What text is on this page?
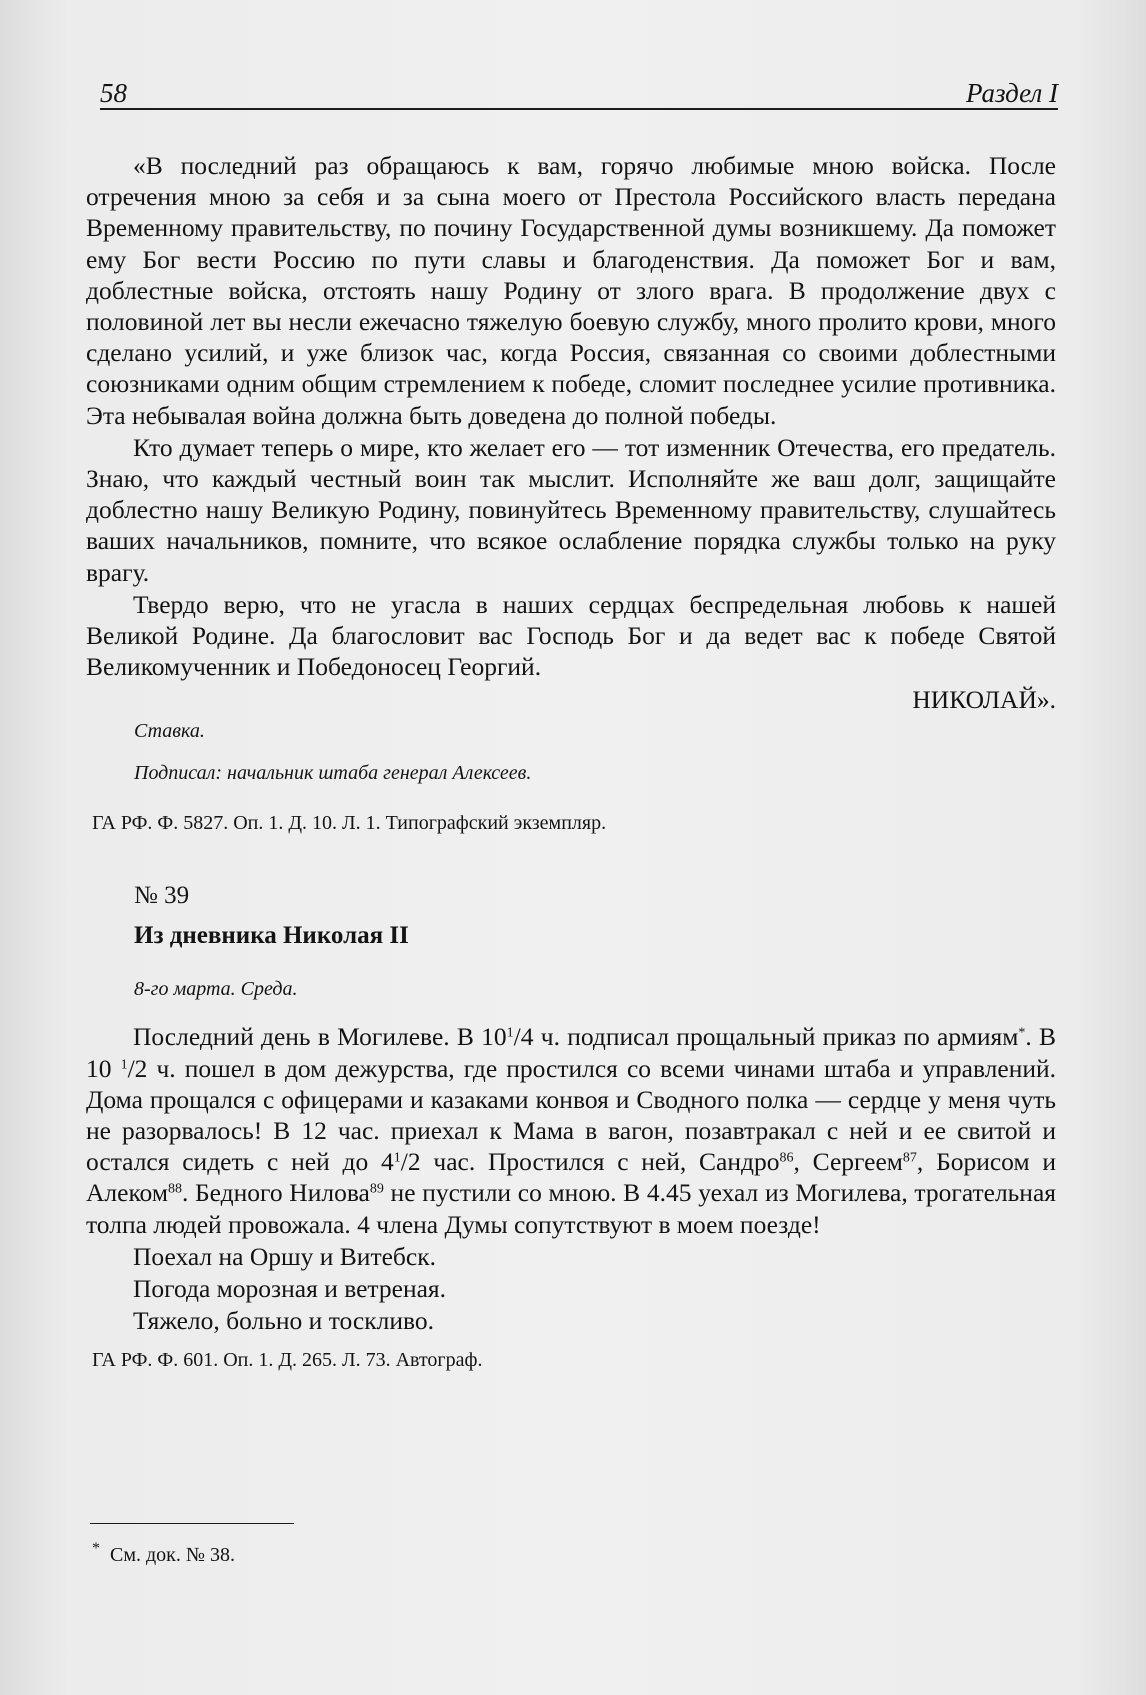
58	Раздел I

«В последний раз обращаюсь к вам, горячо любимые мною войска. После отречения мною за себя и за сына моего от Престола Российского власть передана Временному правительству, по почину Государственной думы возникшему. Да поможет ему Бог вести Россию по пути славы и благоденствия. Да поможет Бог и вам, доблестные войска, отстоять нашу Родину от злого врага. В продолжение двух с половиной лет вы несли ежечасно тяжелую боевую службу, много пролито крови, много сделано усилий, и уже близок час, когда Россия, связанная со своими доблестными союзниками одним общим стремлением к победе, сломит последнее усилие противника. Эта небывалая война должна быть доведена до полной победы.

Кто думает теперь о мире, кто желает его — тот изменник Отечества, его предатель. Знаю, что каждый честный воин так мыслит. Исполняйте же ваш долг, защищайте доблестно нашу Великую Родину, повинуйтесь Временному правительству, слушайтесь ваших начальников, помните, что всякое ослабление порядка службы только на руку врагу.

Твердо верю, что не угасла в наших сердцах беспредельная любовь к нашей Великой Родине. Да благословит вас Господь Бог и да ведет вас к победе Святой Великомученник и Победоносец Георгий.

НИКОЛАЙ».

Ставка.

Подписал: начальник штаба генерал Алексеев.

ГА РФ. Ф. 5827. Оп. 1. Д. 10. Л. 1. Типографский экземпляр.

№ 39

Из дневника Николая II

8-го марта. Среда.

Последний день в Могилеве. В $10^1/4$ ч. подписал прощальный приказ по армиям*. В 10 $^1$/2 ч. пошел в дом дежурства, где простился со всеми чинами штаба и управлений. Дома прощался с офицерами и казаками конвоя и Сводного полка — сердце у меня чуть не разорвалось! В 12 час. приехал к Мама в вагон, позавтракал с ней и ее свитой и остался сидеть с ней до $4^1/2$ час. Простился с ней, Сандро$^{86}$, Сергеем$^{87}$, Борисом и Алеком$^{88}$. Бедного Нилова$^{89}$ не пустили со мною. В 4.45 уехал из Могилева, трогательная толпа людей провожала. 4 члена Думы сопутствуют в моем поезде!

Поехал на Оршу и Витебск.

Погода морозная и ветреная.

Тяжело, больно и тоскливо.

ГА РФ. Ф. 601. Оп. 1. Д. 265. Л. 73. Автограф.

* См. док. № 38.
